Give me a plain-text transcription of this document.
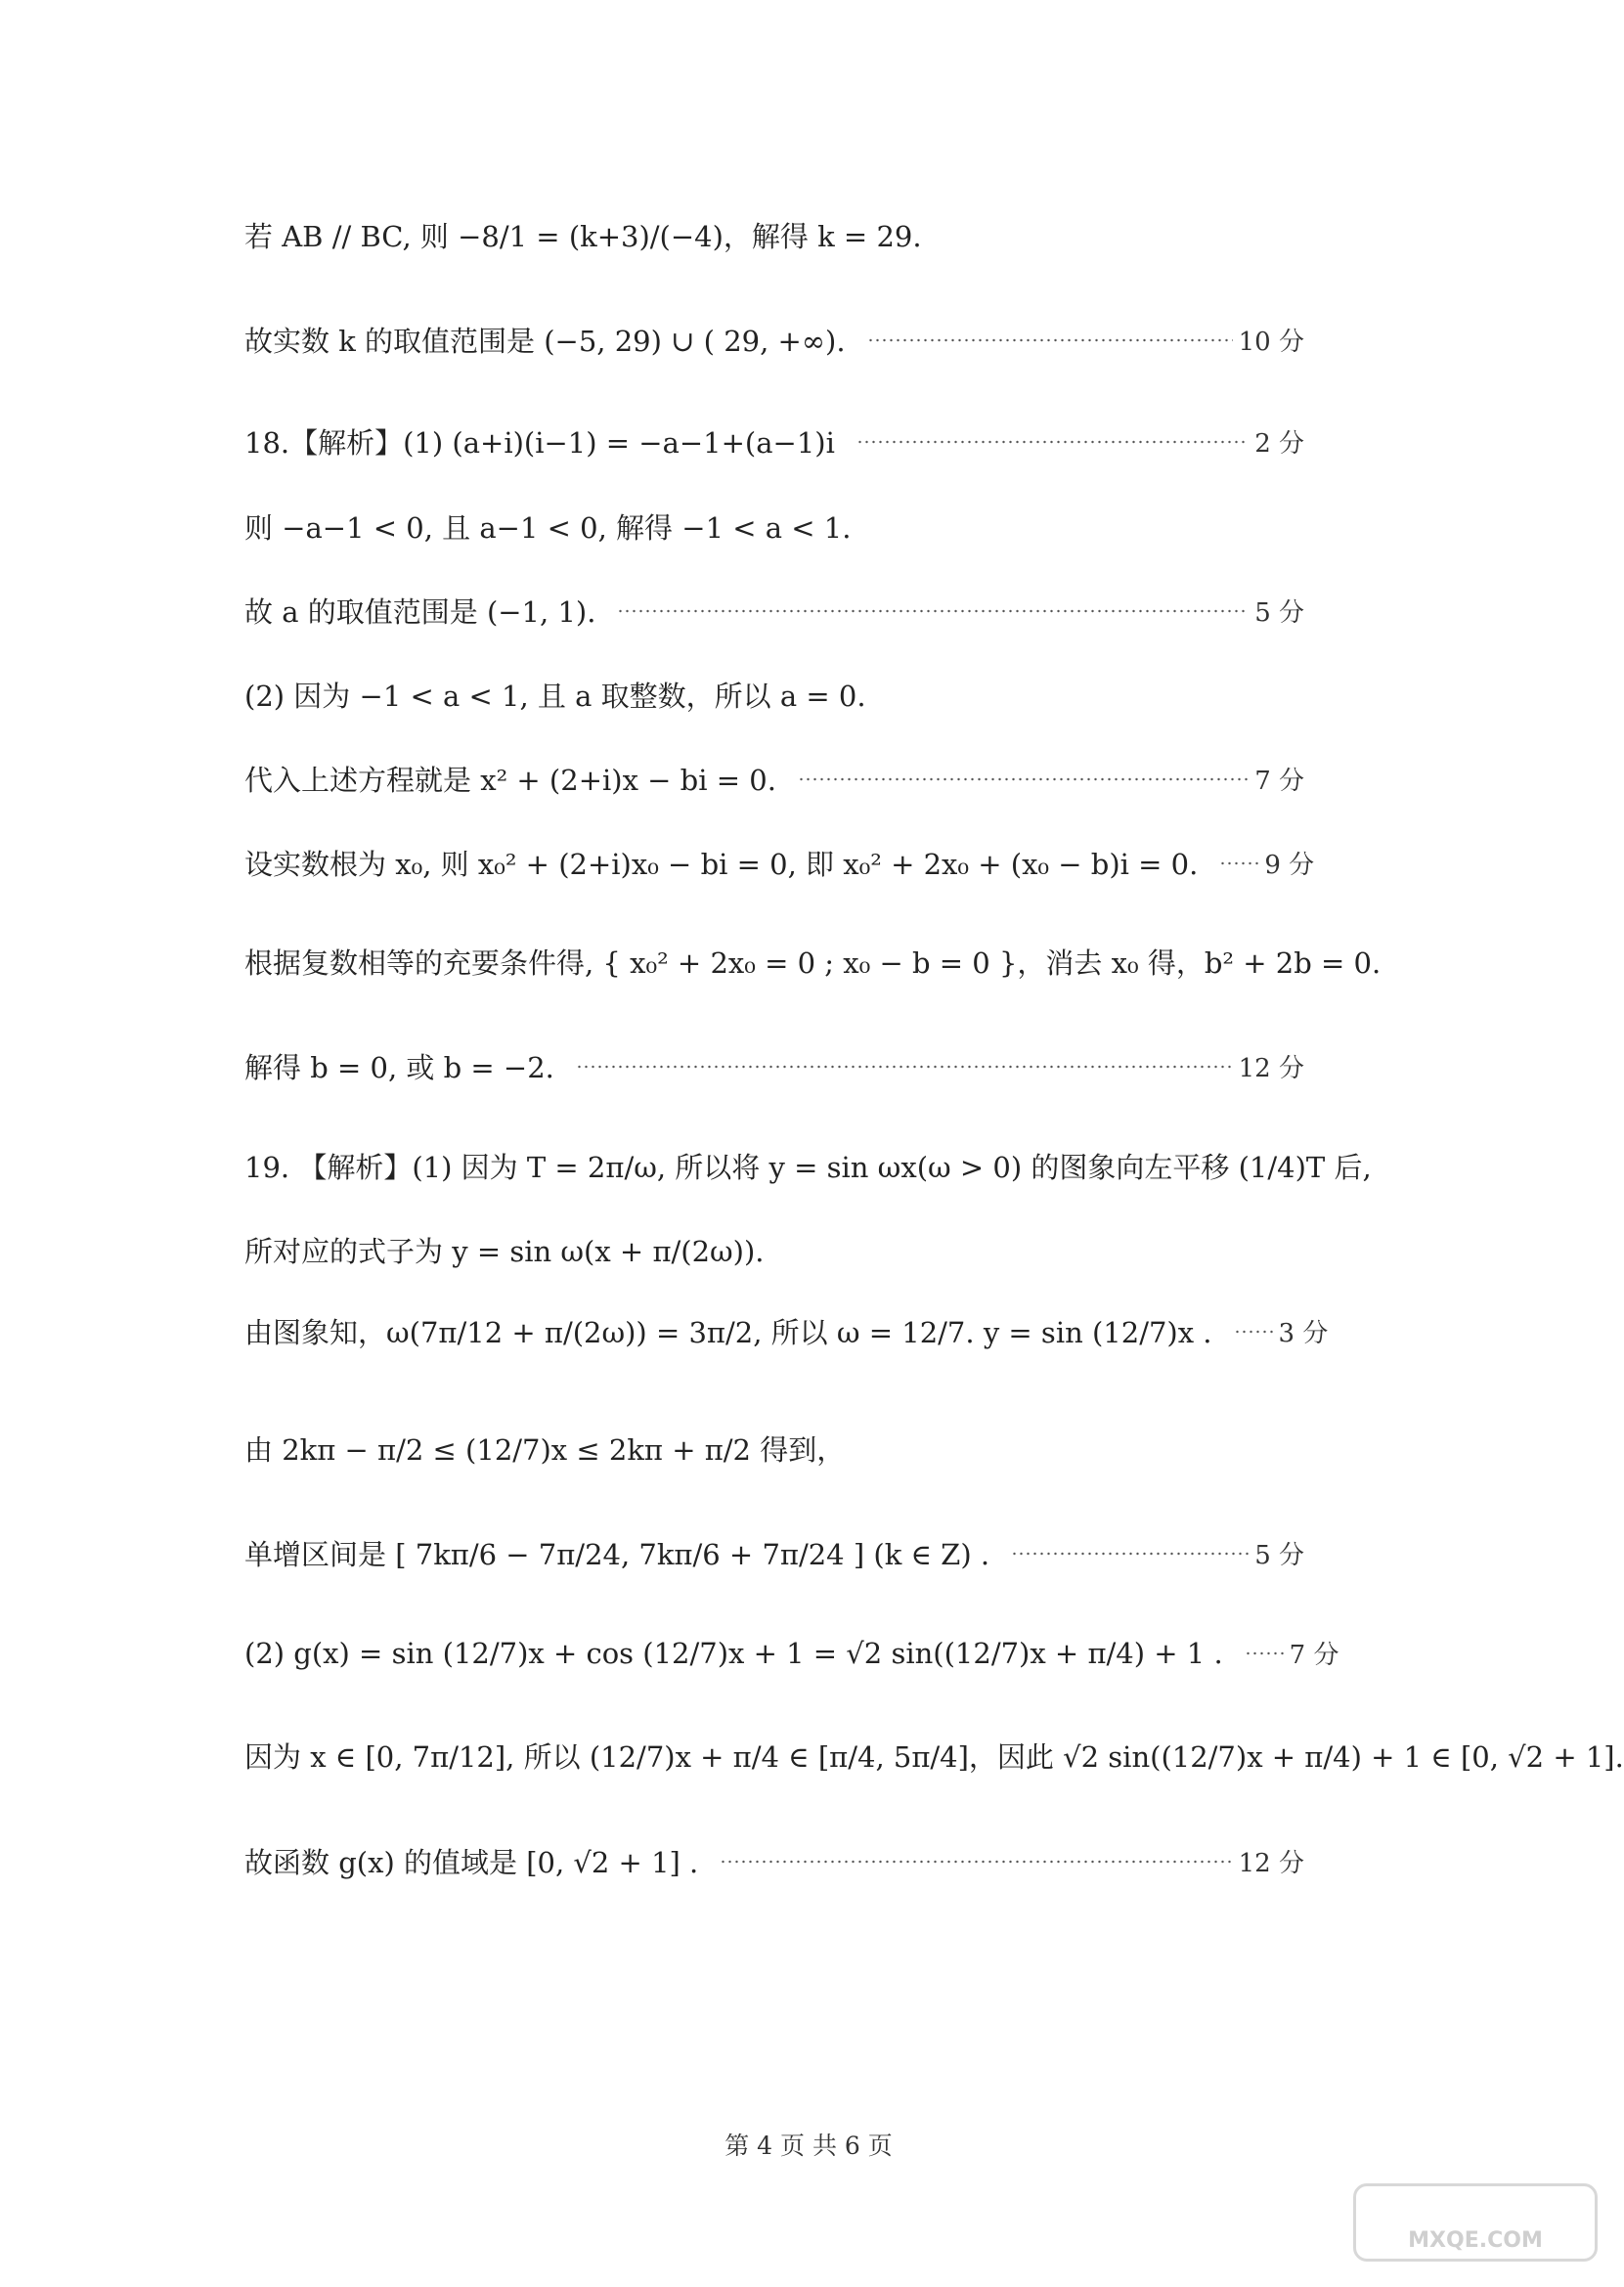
若 AB // BC, 则 −8/1 = (k+3)/(−4)，解得 k = 29.
故实数 k 的取值范围是 (−5, 29) ∪ ( 29, +∞).	10 分
18.【解析】(1) (a+i)(i−1) = −a−1+(a−1)i	2 分
则 −a−1 < 0, 且 a−1 < 0, 解得 −1 < a < 1.
故 a 的取值范围是 (−1, 1).	5 分
(2) 因为 −1 < a < 1, 且 a 取整数，所以 a = 0.
代入上述方程就是 x² + (2+i)x − bi = 0.	7 分
设实数根为 x₀, 则 x₀² + (2+i)x₀ − bi = 0, 即 x₀² + 2x₀ + (x₀ − b)i = 0.	9 分
根据复数相等的充要条件得, { x₀² + 2x₀ = 0 ; x₀ − b = 0 }，消去 x₀ 得，b² + 2b = 0.
解得 b = 0, 或 b = −2.	12 分
19. 【解析】(1) 因为 T = 2π/ω, 所以将 y = sin ωx(ω > 0) 的图象向左平移 (1/4)T 后,
所对应的式子为 y = sin ω(x + π/(2ω)).
由图象知，ω(7π/12 + π/(2ω)) = 3π/2, 所以 ω = 12/7. y = sin (12/7)x .	3 分
由 2kπ − π/2 ≤ (12/7)x ≤ 2kπ + π/2 得到，
单增区间是 [ 7kπ/6 − 7π/24, 7kπ/6 + 7π/24 ] (k ∈ Z) .	5 分
(2) g(x) = sin (12/7)x + cos (12/7)x + 1 = √2 sin((12/7)x + π/4) + 1 .	7 分
因为 x ∈ [0, 7π/12], 所以 (12/7)x + π/4 ∈ [π/4, 5π/4]，因此 √2 sin((12/7)x + π/4) + 1 ∈ [0, √2 + 1].
故函数 g(x) 的值域是 [0, √2 + 1] .	12 分
第 4 页 共 6 页
MXQE.COM
